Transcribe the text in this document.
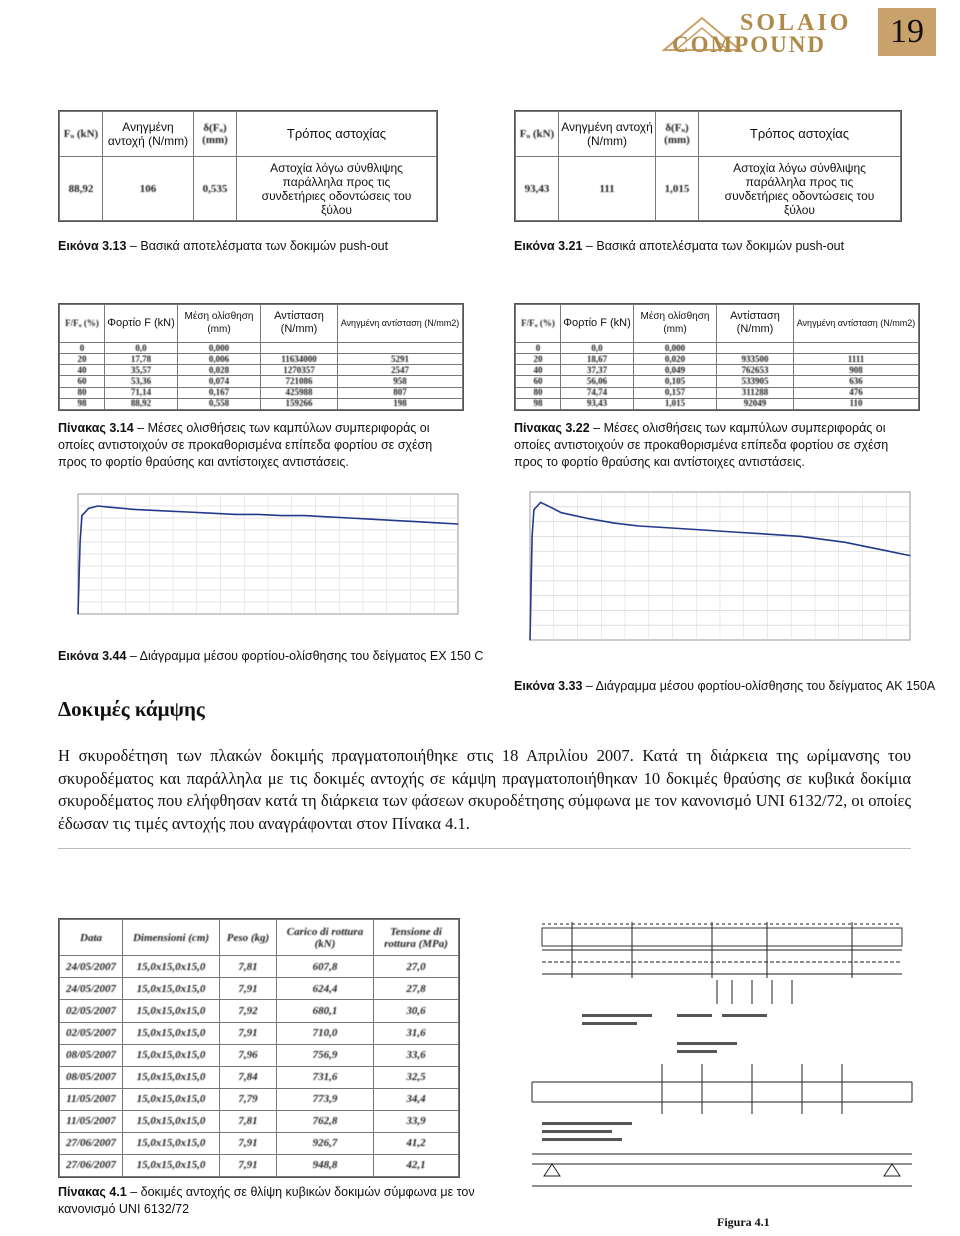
SOLAIO
COMPOUND	19
Fᵤ (kN)	Ανηγμένη αντοχή (N/mm)	δ(Fᵤ) (mm)	Τρόπος αστοχίας
88,92	106	0,535	Αστοχία λόγω σύνθλιψης παράλληλα προς τις συνδετήριες οδοντώσεις του ξύλου
Εικόνα 3.13 – Βασικά αποτελέσματα των δοκιμών push-out
Fᵤ (kN)	Ανηγμένη αντοχή (N/mm)	δ(Fᵤ) (mm)	Τρόπος αστοχίας
93,43	111	1,015	Αστοχία λόγω σύνθλιψης παράλληλα προς τις συνδετήριες οδοντώσεις του ξύλου
Εικόνα 3.21 – Βασικά αποτελέσματα των δοκιμών push-out
F/Fᵤ (%)	Φορτίο F (kN)	Μέση ολίσθηση (mm)	Αντίσταση (N/mm)	Ανηγμένη αντίσταση (N/mm2)
0	0,0	0,000		
20	17,78	0,006	11634000	5291
40	35,57	0,028	1270357	2547
60	53,36	0,074	721086	958
80	71,14	0,167	425988	807
98	88,92	0,558	159266	198
Πίνακας 3.14 – Μέσες ολισθήσεις των καμπύλων συμπεριφοράς οι οποίες αντιστοιχούν σε προκαθορισμένα επίπεδα φορτίου σε σχέση προς το φορτίο θραύσης και αντίστοιχες αντιστάσεις.
F/Fᵤ (%)	Φορτίο F (kN)	Μέση ολίσθηση (mm)	Αντίσταση (N/mm)	Ανηγμένη αντίσταση (N/mm2)
0	0,0	0,000		
20	18,67	0,020	933500	1111
40	37,37	0,049	762653	908
60	56,06	0,105	533905	636
80	74,74	0,157	311288	476
98	93,43	1,015	92049	110
Πίνακας 3.22 – Μέσες ολισθήσεις των καμπύλων συμπεριφοράς οι οποίες αντιστοιχούν σε προκαθορισμένα επίπεδα φορτίου σε σχέση προς το φορτίο θραύσης και αντίστοιχες αντιστάσεις.
Εικόνα 3.44 – Διάγραμμα μέσου φορτίου-ολίσθησης του δείγματος EX 150 C
Εικόνα 3.33 – Διάγραμμα μέσου φορτίου-ολίσθησης του δείγματος AK 150A
Δοκιμές κάμψης
Η σκυροδέτηση των πλακών δοκιμής πραγματοποιήθηκε στις 18 Απριλίου 2007. Κατά τη διάρκεια της ωρίμανσης του σκυροδέματος και παράλληλα με τις δοκιμές αντοχής σε κάμψη πραγματοποιήθηκαν 10 δοκιμές θραύσης σε κυβικά δοκίμια σκυροδέματος που ελήφθησαν κατά τη διάρκεια των φάσεων σκυροδέτησης σύμφωνα με τον κανονισμό UNI 6132/72, οι οποίες έδωσαν τις τιμές αντοχής που αναγράφονται στον Πίνακα 4.1.
Data	Dimensioni (cm)	Peso (kg)	Carico di rottura (kN)	Tensione di rottura (MPa)
24/05/2007	15,0x15,0x15,0	7,81	607,8	27,0
24/05/2007	15,0x15,0x15,0	7,91	624,4	27,8
02/05/2007	15,0x15,0x15,0	7,92	680,1	30,6
02/05/2007	15,0x15,0x15,0	7,91	710,0	31,6
08/05/2007	15,0x15,0x15,0	7,96	756,9	33,6
08/05/2007	15,0x15,0x15,0	7,84	731,6	32,5
11/05/2007	15,0x15,0x15,0	7,79	773,9	34,4
11/05/2007	15,0x15,0x15,0	7,81	762,8	33,9
27/06/2007	15,0x15,0x15,0	7,91	926,7	41,2
27/06/2007	15,0x15,0x15,0	7,91	948,8	42,1
Πίνακας 4.1 – δοκιμές αντοχής σε θλίψη κυβικών δοκιμών σύμφωνα με τον κανονισμό UNI 6132/72
Figura 4.1
